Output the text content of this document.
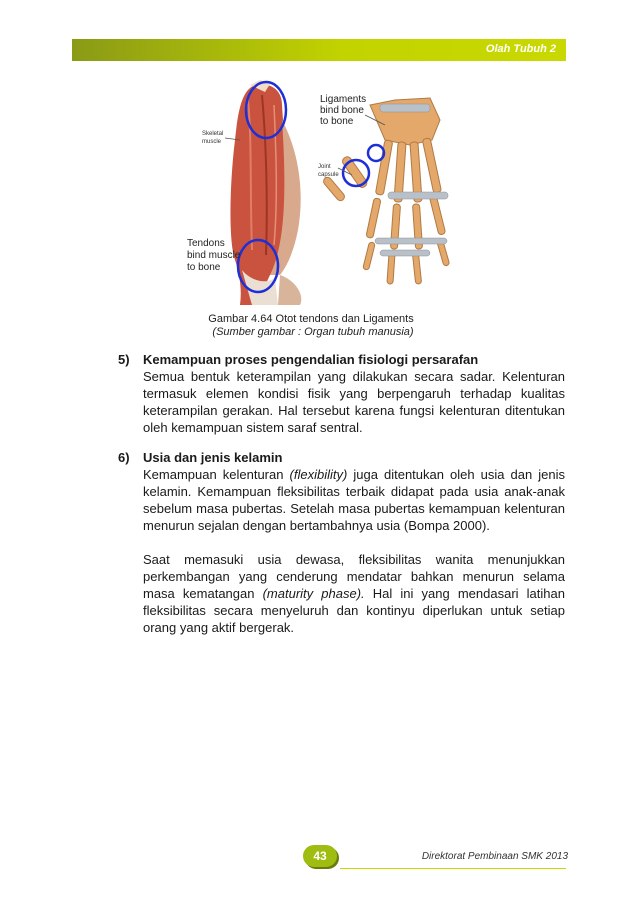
Olah Tubuh 2
Ligaments
bind bone
to bone
Skeletal
muscle
Joint
capsule
Tendons
bind muscle
to bone
Gambar 4.64 Otot tendons dan Ligaments
(Sumber gambar : Organ tubuh manusia)
5) Kemampuan proses pengendalian fisiologi persarafan
Semua bentuk keterampilan yang dilakukan secara sadar. Kelenturan termasuk elemen kondisi fisik yang berpengaruh terhadap kualitas keterampilan gerakan. Hal tersebut karena fungsi kelenturan ditentukan oleh kemampuan sistem saraf sentral.
6) Usia dan jenis kelamin
Kemampuan kelenturan (flexibility) juga ditentukan oleh usia dan jenis kelamin. Kemampuan fleksibilitas terbaik didapat pada usia anak-anak sebelum masa pubertas. Setelah masa pubertas kemampuan kelenturan menurun sejalan dengan bertambahnya usia (Bompa 2000).
Saat memasuki usia dewasa, fleksibilitas wanita menunjukkan perkembangan yang cenderung mendatar bahkan menurun selama masa kematangan (maturity phase). Hal ini yang mendasari latihan fleksibilitas secara menyeluruh dan kontinyu diperlukan untuk setiap orang yang aktif bergerak.
43	Direktorat Pembinaan SMK 2013
